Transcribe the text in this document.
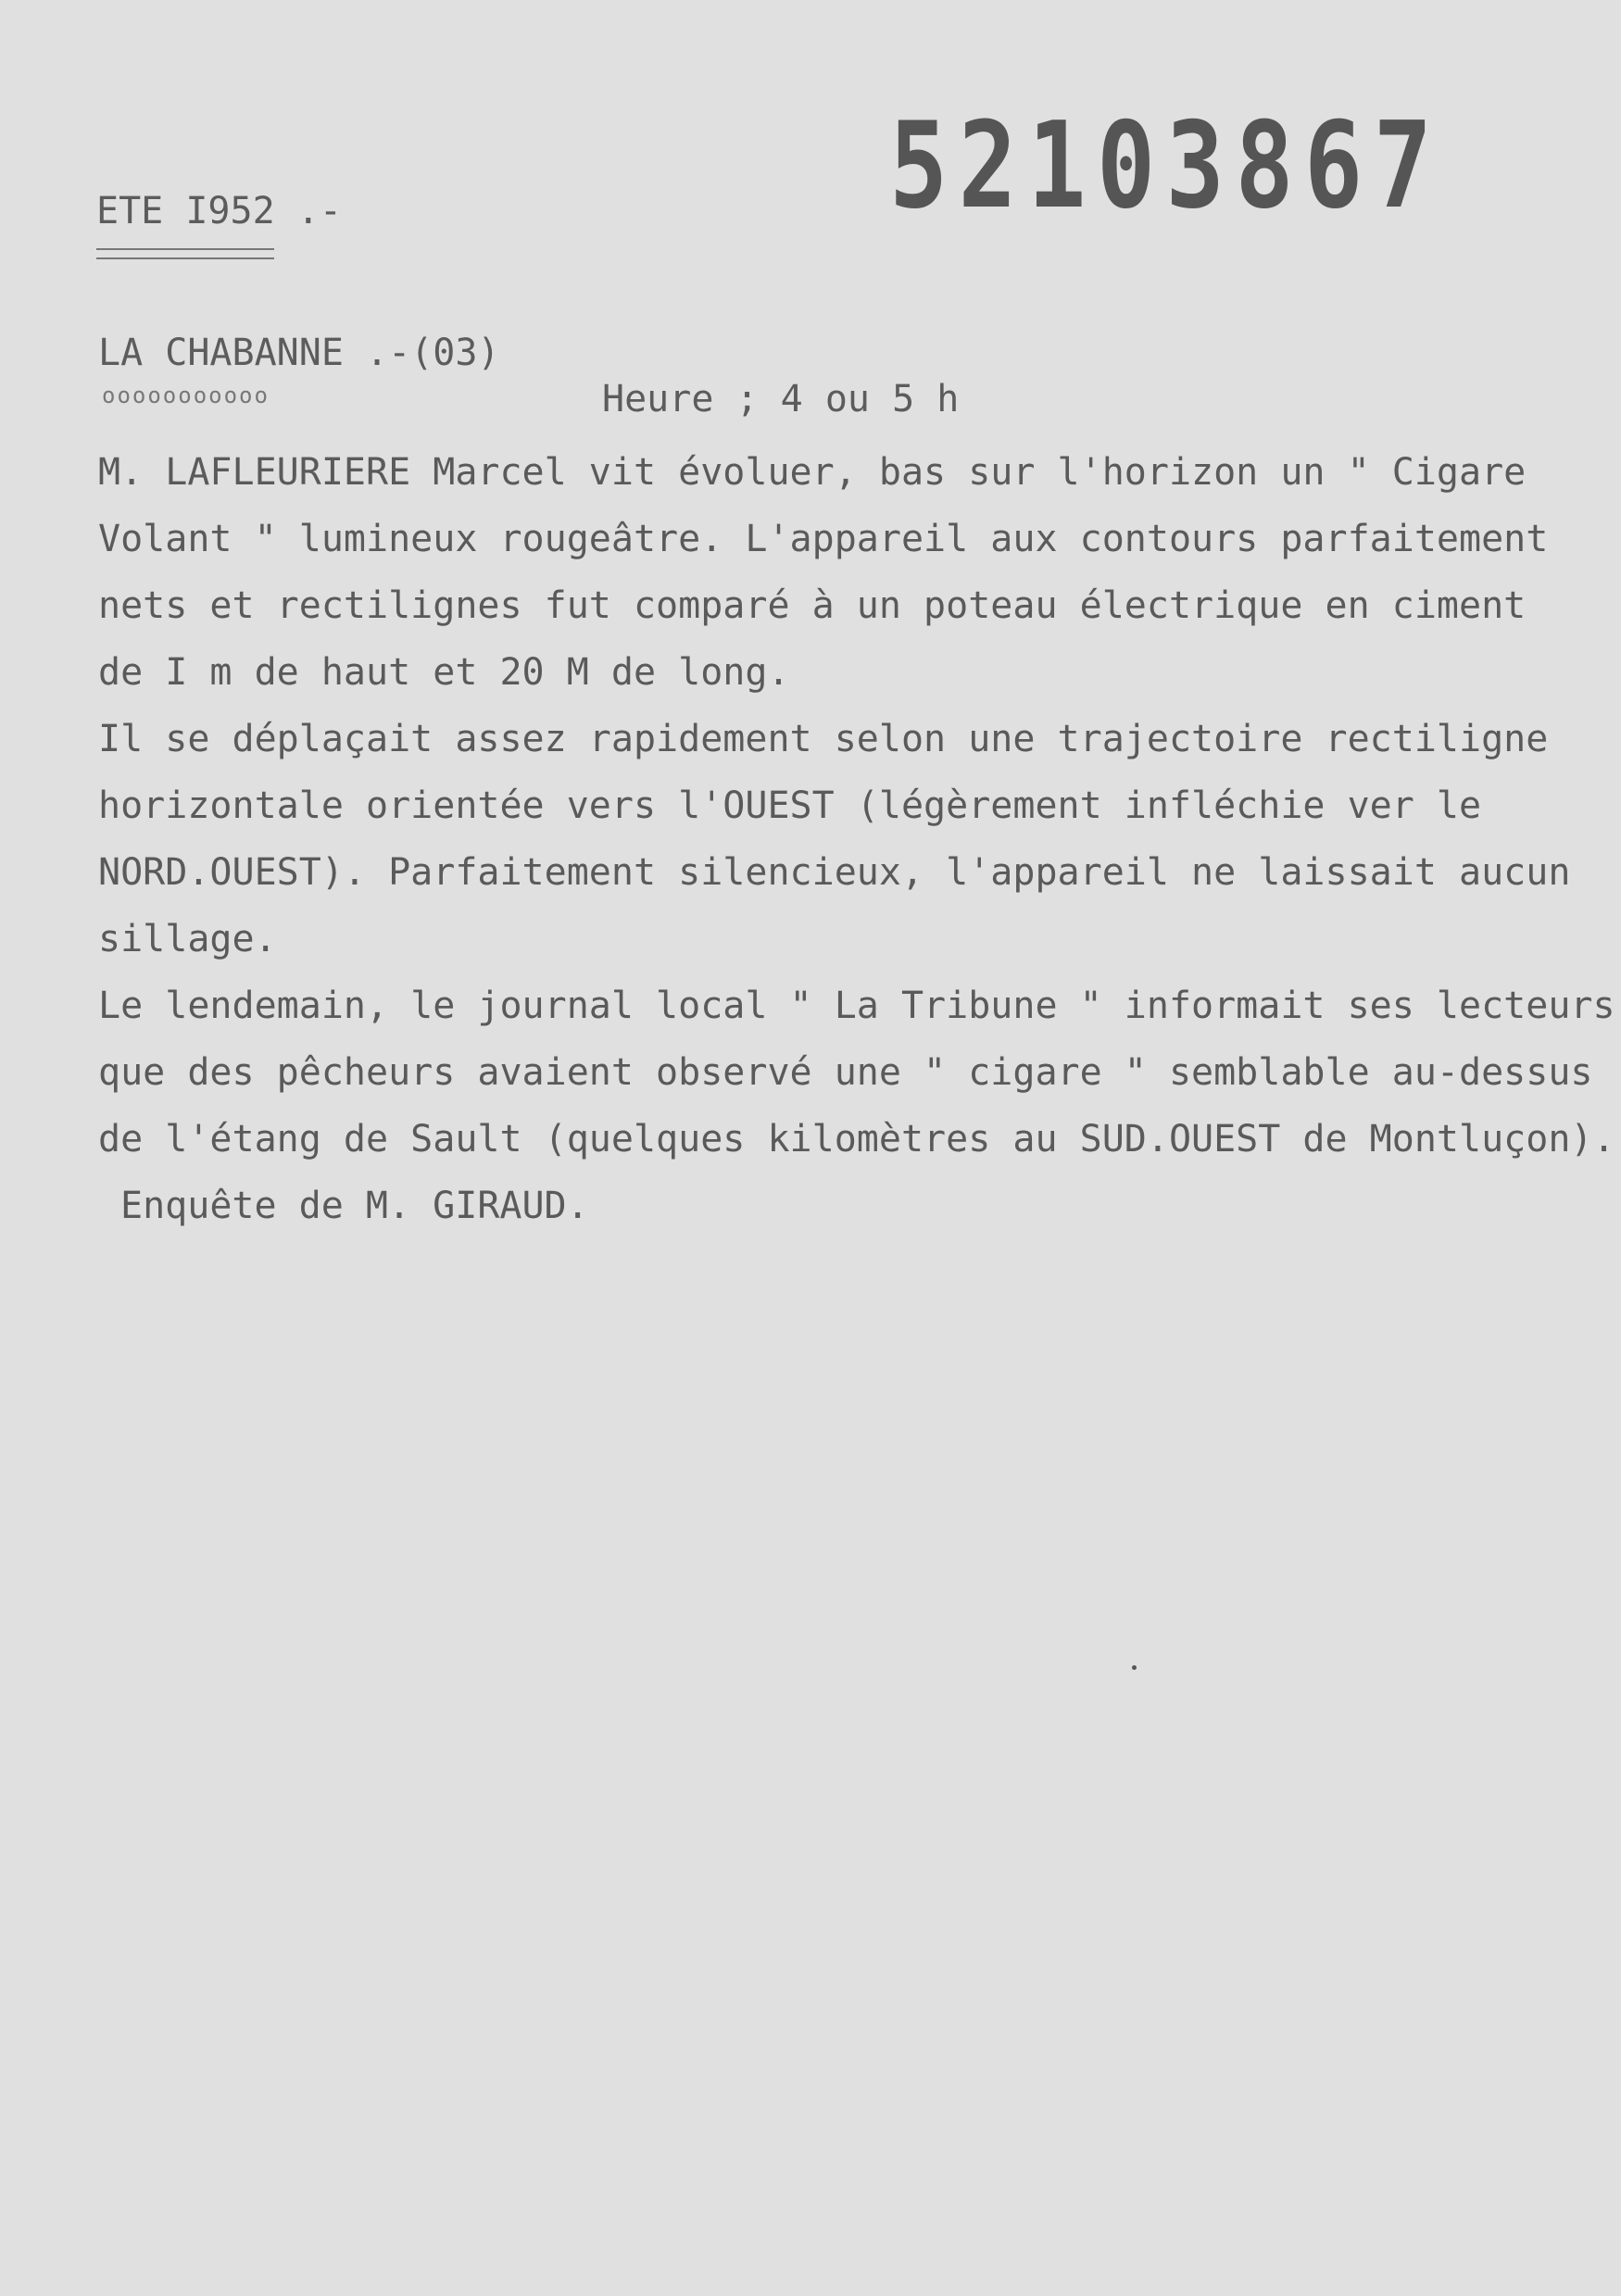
52103867
ETE I952 .-
LA CHABANNE .-(03)
ooooooooooo	Heure ; 4 ou 5 h
M. LAFLEURIERE Marcel vit évoluer, bas sur l'horizon un " Cigare
Volant " lumineux rougeâtre. L'appareil aux contours parfaitement
nets et rectilignes fut comparé à un poteau électrique en ciment
de I m de haut et 20 M de long.
Il se déplaçait assez rapidement selon une trajectoire rectiligne
horizontale orientée vers l'OUEST (légèrement infléchie ver le
NORD.OUEST). Parfaitement silencieux, l'appareil ne laissait aucun
sillage.
Le lendemain, le journal local " La Tribune " informait ses lecteurs
que des pêcheurs avaient observé une " cigare " semblable au-dessus
de l'étang de Sault (quelques kilomètres au SUD.OUEST de Montluçon).
Enquête de M. GIRAUD.
